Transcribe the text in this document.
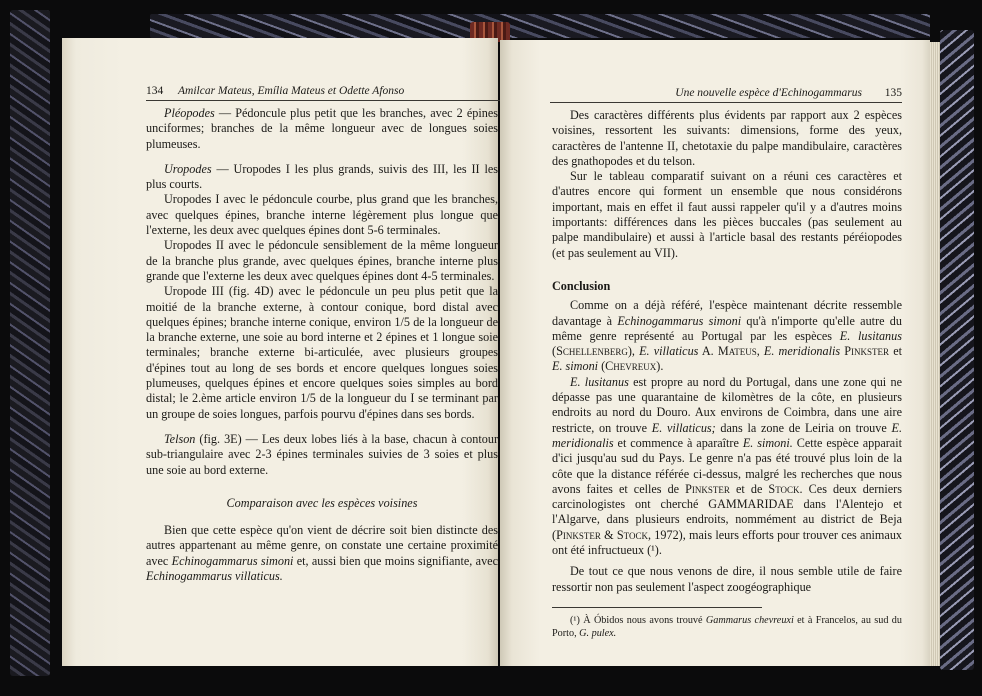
134 Amilcar Mateus, Emília Mateus et Odette Afonso

Pléopodes — Pédoncule plus petit que les branches, avec 2 épines unciformes; branches de la même longueur avec de longues soies plumeuses.

Uropodes — Uropodes I les plus grands, suivis des III, les II les plus courts.

Uropodes I avec le pédoncule courbe, plus grand que les branches, avec quelques épines, branche interne légèrement plus longue que l'externe, les deux avec quelques épines dont 5-6 terminales.

Uropodes II avec le pédoncule sensiblement de la même longueur de la branche plus grande, avec quelques épines, branche interne plus grande que l'externe les deux avec quelques épines dont 4-5 terminales.

Uropode III (fig. 4D) avec le pédoncule un peu plus petit que la moitié de la branche externe, à contour conique, bord distal avec quelques épines; branche interne conique, environ 1/5 de la longueur de la branche externe, une soie au bord interne et 2 épines et 1 longue soie terminales; branche externe bi-articulée, avec plusieurs groupes d'épines tout au long de ses bords et encore quelques longues soies plumeuses, quelques épines et encore quelques soies simples au bord distal; le 2.ème article environ 1/5 de la longueur du I se terminant par un groupe de soies longues, parfois pourvu d'épines dans ses bords.

Telson (fig. 3E) — Les deux lobes liés à la base, chacun à contour sub-triangulaire avec 2-3 épines terminales suivies de 3 soies et plus une soie au bord externe.

Comparaison avec les espèces voisines

Bien que cette espèce qu'on vient de décrire soit bien distincte des autres appartenant au même genre, on constate une certaine proximité avec Echinogammarus simoni et, aussi bien que moins signifiante, avec Echinogammarus villaticus.

Une nouvelle espèce d'Echinogammarus 135

Des caractères différents plus évidents par rapport aux 2 espèces voisines, ressortent les suivants: dimensions, forme des yeux, caractères de l'antenne II, chetotaxie du palpe mandibulaire, caractères des gnathopodes et du telson.

Sur le tableau comparatif suivant on a réuni ces caractères et d'autres encore qui forment un ensemble que nous considérons important, mais en effet il faut aussi rappeler qu'il y a d'autres moins importants: différences dans les pièces buccales (pas seulement au palpe mandibulaire) et aussi à l'article basal des restants péréiopodes (et pas seulement au VII).

Conclusion

Comme on a déjà référé, l'espèce maintenant décrite ressemble davantage à Echinogammarus simoni qu'à n'importe qu'elle autre du même genre représenté au Portugal par les espèces E. lusitanus (Schellenberg), E. villaticus A. Mateus, E. meridionalis Pinkster et E. simoni (Chevreux).

E. lusitanus est propre au nord du Portugal, dans une zone qui ne dépasse pas une quarantaine de kilomètres de la côte, en plusieurs endroits au nord du Douro. Aux environs de Coimbra, dans une aire restricte, on trouve E. villaticus; dans la zone de Leiria on trouve E. meridionalis et commence à aparaître E. simoni. Cette espèce apparait d'ici jusqu'au sud du Pays. Le genre n'a pas été trouvé plus loin de la côte que la distance référée ci-dessus, malgré les recherches que nous avons faites et celles de Pinkster et de Stock. Ces deux derniers carcinologistes ont cherché GAMMARIDAE dans l'Alentejo et l'Algarve, dans plusieurs endroits, nommément au district de Beja (Pinkster & Stock, 1972), mais leurs efforts pour trouver ces animaux ont été infructueux (¹).

De tout ce que nous venons de dire, il nous semble utile de faire ressortir non pas seulement l'aspect zoogéographique

(¹) À Óbidos nous avons trouvé Gammarus chevreuxi et à Francelos, au sud du Porto, G. pulex.
